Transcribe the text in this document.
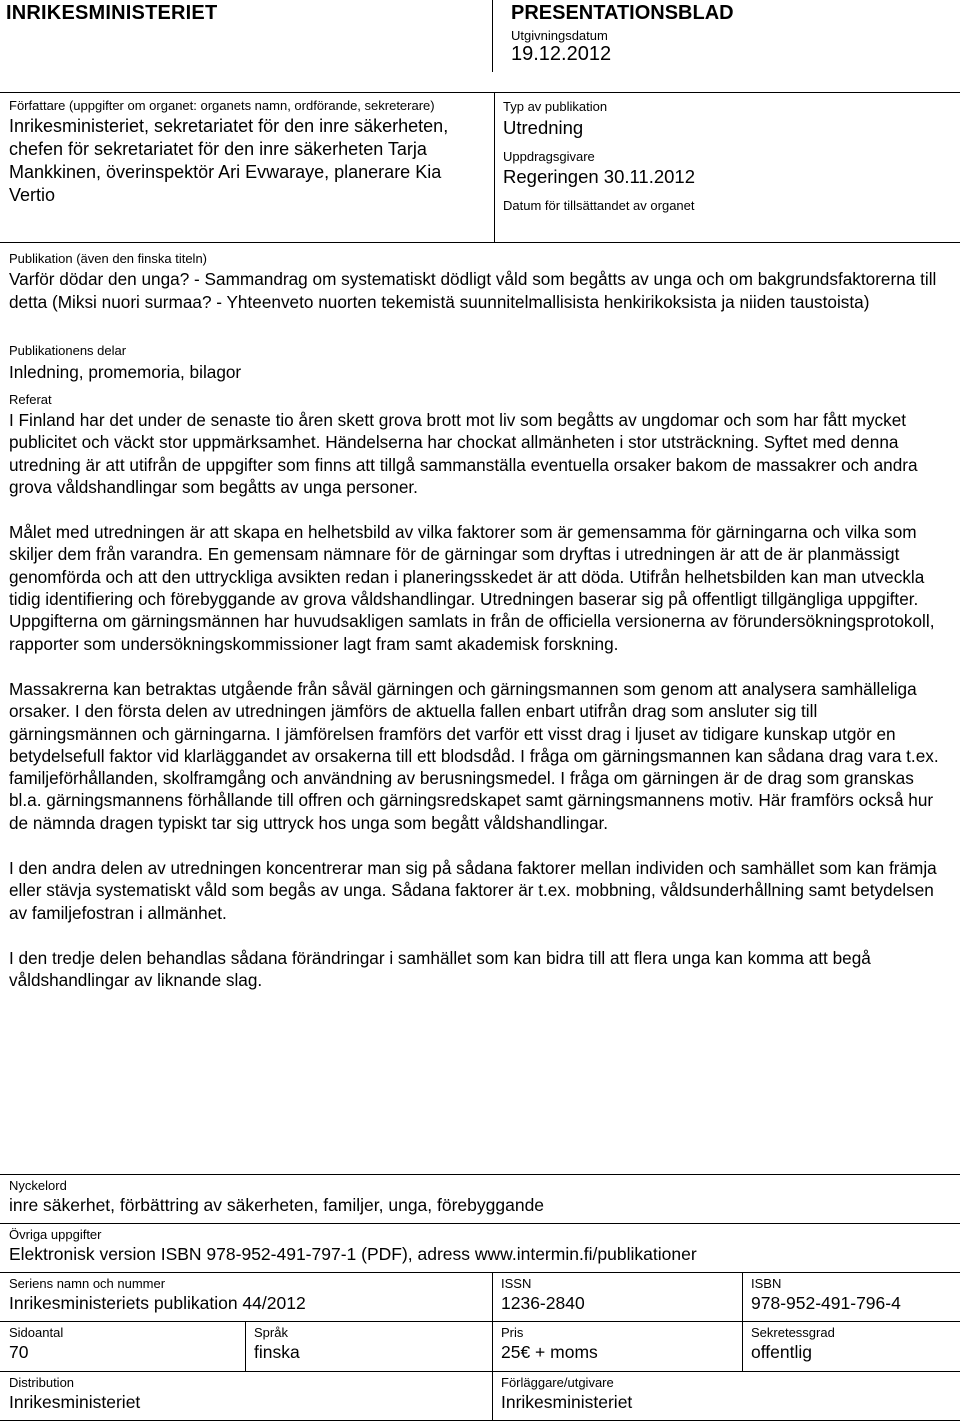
INRIKESMINISTERIET	PRESENTATIONSBLAD
Utgivningsdatum
19.12.2012
Författare (uppgifter om organet: organets namn, ordförande, sekreterare)
Inrikesministeriet, sekretariatet för den inre säkerheten, chefen för sekretariatet för den inre säkerheten Tarja Mankkinen, överinspektör Ari Evwaraye, planerare Kia Vertio
Typ av publikation
Utredning
Uppdragsgivare
Regeringen 30.11.2012
Datum för tillsättandet av organet
Publikation (även den finska titeln)
Varför dödar den unga? - Sammandrag om systematiskt dödligt våld som begåtts av unga och om bakgrundsfaktorerna till detta (Miksi nuori surmaa? - Yhteenveto nuorten tekemistä suunnitelmallisista henkirikoksista ja niiden taustoista)
Publikationens delar
Inledning, promemoria, bilagor
Referat

I Finland har det under de senaste tio åren skett grova brott mot liv som begåtts av ungdomar och som har fått mycket publicitet och väckt stor uppmärksamhet. Händelserna har chockat allmänheten i stor utsträckning. Syftet med denna utredning är att utifrån de uppgifter som finns att tillgå sammanställa eventuella orsaker bakom de massakrer och andra grova våldshandlingar som begåtts av unga personer.

Målet med utredningen är att skapa en helhetsbild av vilka faktorer som är gemensamma för gärningarna och vilka som skiljer dem från varandra. En gemensam nämnare för de gärningar som dryftas i utredningen är att de är planmässigt genomförda och att den uttryckliga avsikten redan i planeringsskedet är att döda. Utifrån helhetsbilden kan man utveckla tidig identifiering och förebyggande av grova våldshandlingar. Utredningen baserar sig på offentligt tillgängliga uppgifter. Uppgifterna om gärningsmännen har huvudsakligen samlats in från de officiella versionerna av förundersökningsprotokoll, rapporter som undersökningskommissioner lagt fram samt akademisk forskning.

Massakrerna kan betraktas utgående från såväl gärningen och gärningsmannen som genom att analysera samhälleliga orsaker. I den första delen av utredningen jämförs de aktuella fallen enbart utifrån drag som ansluter sig till gärningsmännen och gärningarna. I jämförelsen framförs det varför ett visst drag i ljuset av tidigare kunskap utgör en betydelsefull faktor vid klarläggandet av orsakerna till ett blodsdåd. I fråga om gärningsmannen kan sådana drag vara t.ex. familjeförhållanden, skolframgång och användning av berusningsmedel. I fråga om gärningen är de drag som granskas bl.a. gärningsmannens förhållande till offren och gärningsredskapet samt gärningsmannens motiv. Här framförs också hur de nämnda dragen typiskt tar sig uttryck hos unga som begått våldshandlingar.

I den andra delen av utredningen koncentrerar man sig på sådana faktorer mellan individen och samhället som kan främja eller stävja systematiskt våld som begås av unga. Sådana faktorer är t.ex. mobbning, våldsunderhållning samt betydelsen av familjefostran i allmänhet.

I den tredje delen behandlas sådana förändringar i samhället som kan bidra till att flera unga kan komma att begå våldshandlingar av liknande slag.

Nyckelord
inre säkerhet, förbättring av säkerheten, familjer, unga, förebyggande
Övriga uppgifter
Elektronisk version ISBN 978-952-491-797-1 (PDF), adress www.intermin.fi/publikationer
Seriens namn och nummer
Inrikesministeriets publikation 44/2012
ISSN
1236-2840
ISBN
978-952-491-796-4
Sidoantal
70
Språk
finska
Pris
25€ + moms
Sekretessgrad
offentlig
Distribution
Inrikesministeriet
Förläggare/utgivare
Inrikesministeriet
